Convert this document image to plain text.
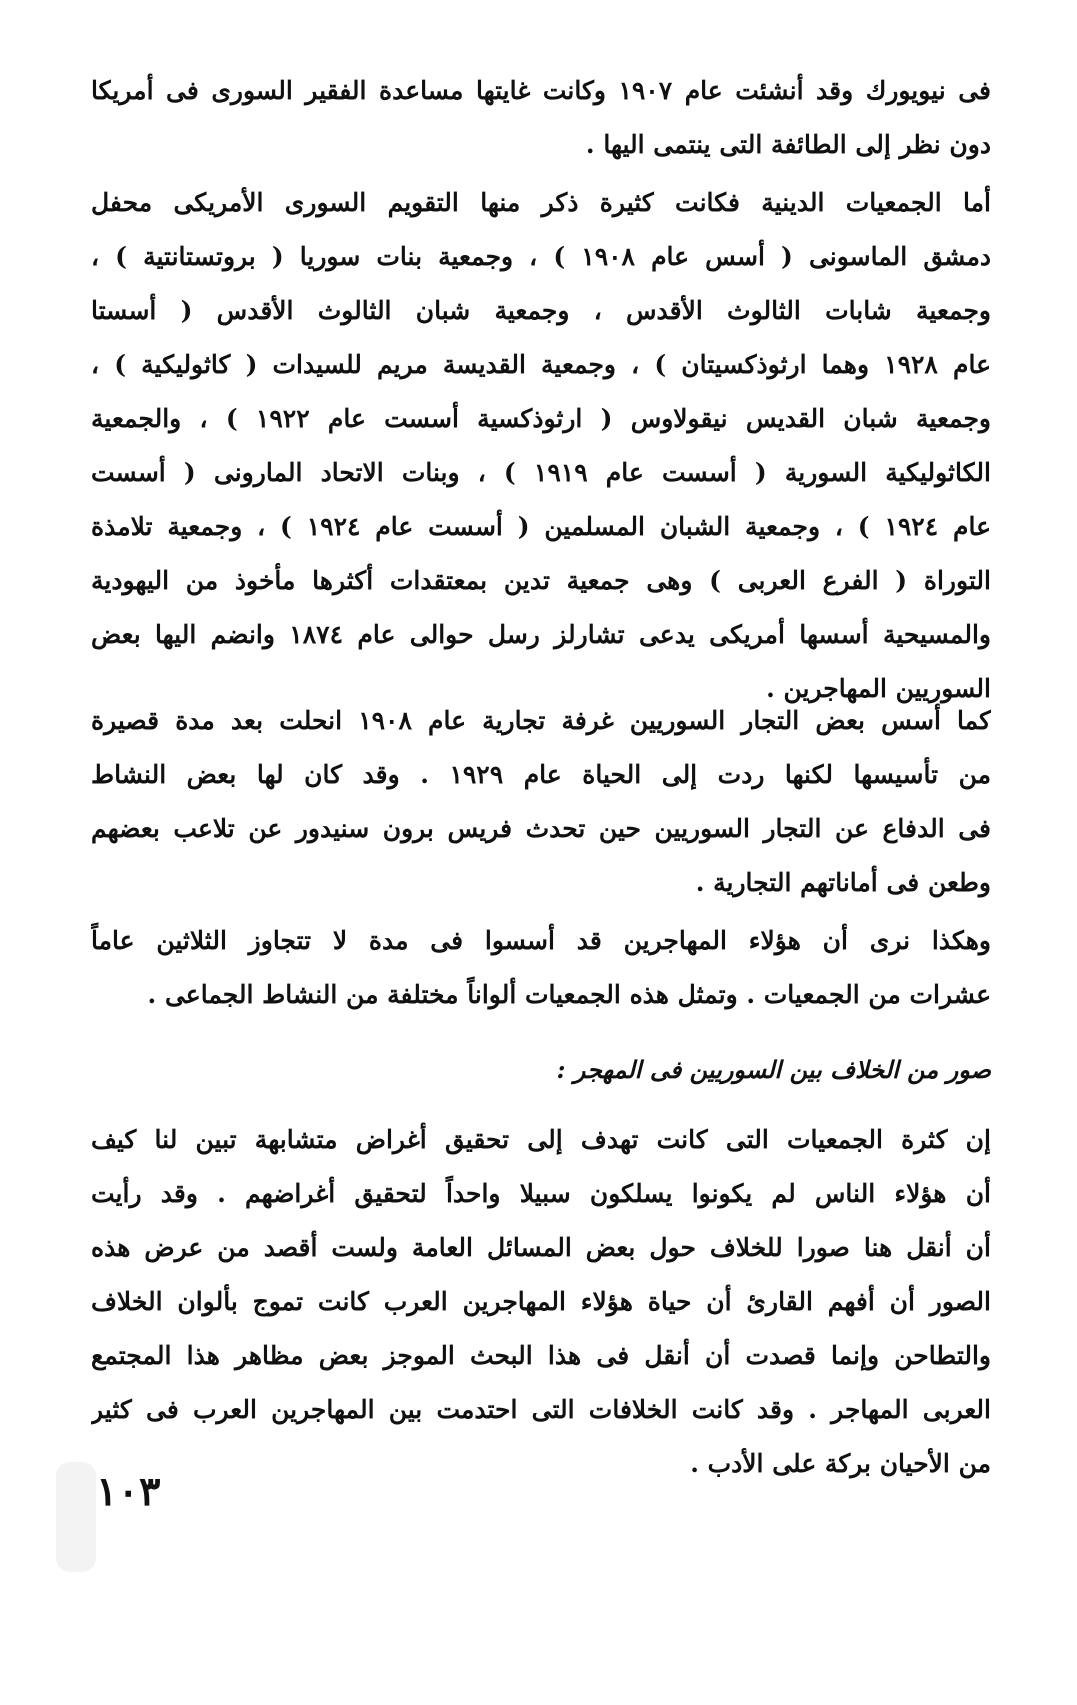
فى نيويورك وقد أنشئت عام ١٩٠٧ وكانت غايتها مساعدة الفقير السورى فى أمريكا
دون نظر إلى الطائفة التى ينتمى اليها .
أما الجمعيات الدينية فكانت كثيرة ذكر منها التقويم السورى الأمريكى محفل
دمشق الماسونى ( أسس عام ١٩٠٨ ) ، وجمعية بنات سوريا ( بروتستانتية ) ،
وجمعية شابات الثالوث الأقدس ، وجمعية شبان الثالوث الأقدس ( أسستا
عام ١٩٢٨ وهما ارثوذكسيتان ) ، وجمعية القديسة مريم للسيدات ( كاثوليكية ) ،
وجمعية شبان القديس نيقولاوس ( ارثوذكسية أسست عام ١٩٢٢ ) ، والجمعية
الكاثوليكية السورية ( أسست عام ١٩١٩ ) ، وبنات الاتحاد المارونى ( أسست
عام ١٩٢٤ ) ، وجمعية الشبان المسلمين ( أسست عام ١٩٢٤ ) ، وجمعية تلامذة
التوراة ( الفرع العربى ) وهى جمعية تدين بمعتقدات أكثرها مأخوذ من اليهودية
والمسيحية أسسها أمريكى يدعى تشارلز رسل حوالى عام ١٨٧٤ وانضم اليها بعض
السوريين المهاجرين .
كما أسس بعض التجار السوريين غرفة تجارية عام ١٩٠٨ انحلت بعد مدة قصيرة
من تأسيسها لكنها ردت إلى الحياة عام ١٩٢٩ . وقد كان لها بعض النشاط
فى الدفاع عن التجار السوريين حين تحدث فريس برون سنيدور عن تلاعب بعضهم
وطعن فى أماناتهم التجارية .
وهكذا نرى أن هؤلاء المهاجرين قد أسسوا فى مدة لا تتجاوز الثلاثين عاماً
عشرات من الجمعيات . وتمثل هذه الجمعيات ألواناً مختلفة من النشاط الجماعى .
صور من الخلاف بين السوريين فى المهجر :
إن كثرة الجمعيات التى كانت تهدف إلى تحقيق أغراض متشابهة تبين لنا كيف
أن هؤلاء الناس لم يكونوا يسلكون سبيلا واحداً لتحقيق أغراضهم . وقد رأيت
أن أنقل هنا صورا للخلاف حول بعض المسائل العامة ولست أقصد من عرض هذه
الصور أن أفهم القارئ أن حياة هؤلاء المهاجرين العرب كانت تموج بألوان الخلاف
والتطاحن وإنما قصدت أن أنقل فى هذا البحث الموجز بعض مظاهر هذا المجتمع
العربى المهاجر . وقد كانت الخلافات التى احتدمت بين المهاجرين العرب فى كثير
من الأحيان بركة على الأدب .
١٠٣
